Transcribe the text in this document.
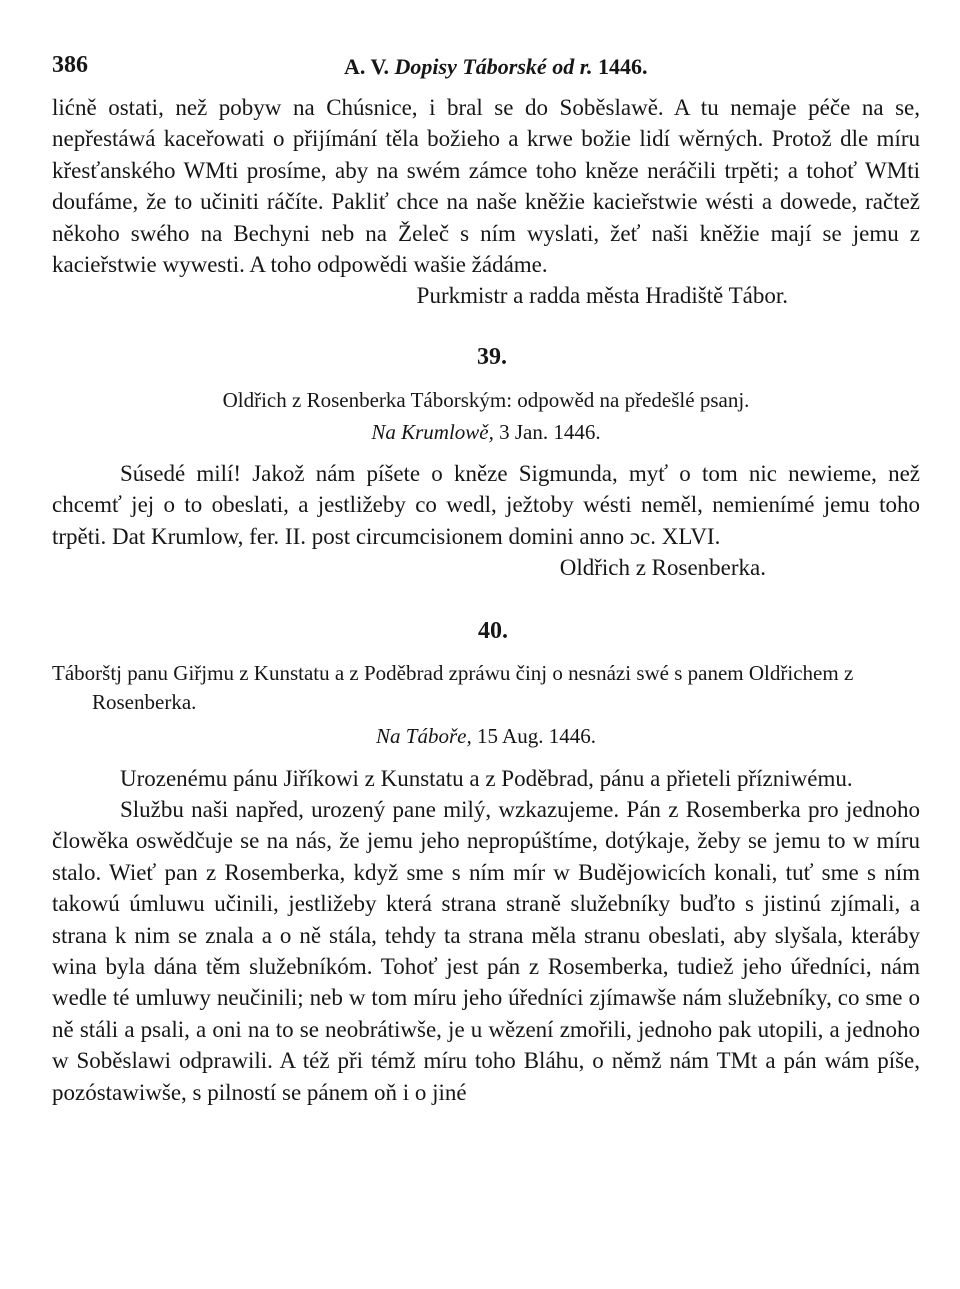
386	A. V. Dopisy Táborské od r. 1446.

lićně ostati, než pobyw na Chúsnice, i bral se do Soběslawě. A tu nemaje péče na se, nepřestáwá kaceřowati o přijímání těla božieho a krwe božie lidí wěrných. Protož dle míru křesťanského WMti prosíme, aby na swém zámce toho kněze neráčili trpěti; a tohoť WMti doufáme, že to učiniti ráčíte. Pakliť chce na naše kněžie kacieřstwie wésti a dowede, račtež někoho swého na Bechyni neb na Želeč s ním wyslati, žeť naši kněžie mají se jemu z kacieřstwie wywesti. A toho odpowědi wašie žádáme.

Purkmistr a radda města Hradiště Tábor.

39.

Oldřich z Rosenberka Táborským: odpowěd na předešlé psanj.

Na Krumlowě, 3 Jan. 1446.

Súsedé milí! Jakož nám píšete o kněze Sigmunda, myť o tom nic newieme, než chcemť jej o to obeslati, a jestližeby co wedl, ježtoby wésti neměl, nemienímé jemu toho trpěti. Dat Krumlow, fer. II. post circumcisionem domini anno ɔc. XLVI.

Oldřich z Rosenberka.

40.

Táborštj panu Giřjmu z Kunstatu a z Poděbrad zpráwu činj o nesnázi swé s panem Oldřichem z Rosenberka.

Na Táboře, 15 Aug. 1446.

Urozenému pánu Jiříkowi z Kunstatu a z Poděbrad, pánu a přieteli přízniwému.

Službu naši napřed, urozený pane milý, wzkazujeme. Pán z Rosemberka pro jednoho člowěka oswědčuje se na nás, že jemu jeho nepropúštíme, dotýkaje, žeby se jemu to w míru stalo. Wieť pan z Rosemberka, když sme s ním mír w Budějowicích konali, tuť sme s ním takowú úmluwu učinili, jestližeby která strana straně služebníky buďto s jistinú zjímali, a strana k nim se znala a o ně stála, tehdy ta strana měla stranu obeslati, aby slyšala, kteráby wina byla dána těm služebníkóm. Tohoť jest pán z Rosemberka, tudiež jeho úředníci, nám wedle té umluwy neučinili; neb w tom míru jeho úředníci zjímawše nám služebníky, co sme o ně stáli a psali, a oni na to se neobrátiwše, je u wězení zmořili, jednoho pak utopili, a jednoho w Soběslawi odprawili. A též při témž míru toho Bláhu, o němž nám TMt a pán wám píše, pozóstawiwše, s pilností se pánem oň i o jiné
